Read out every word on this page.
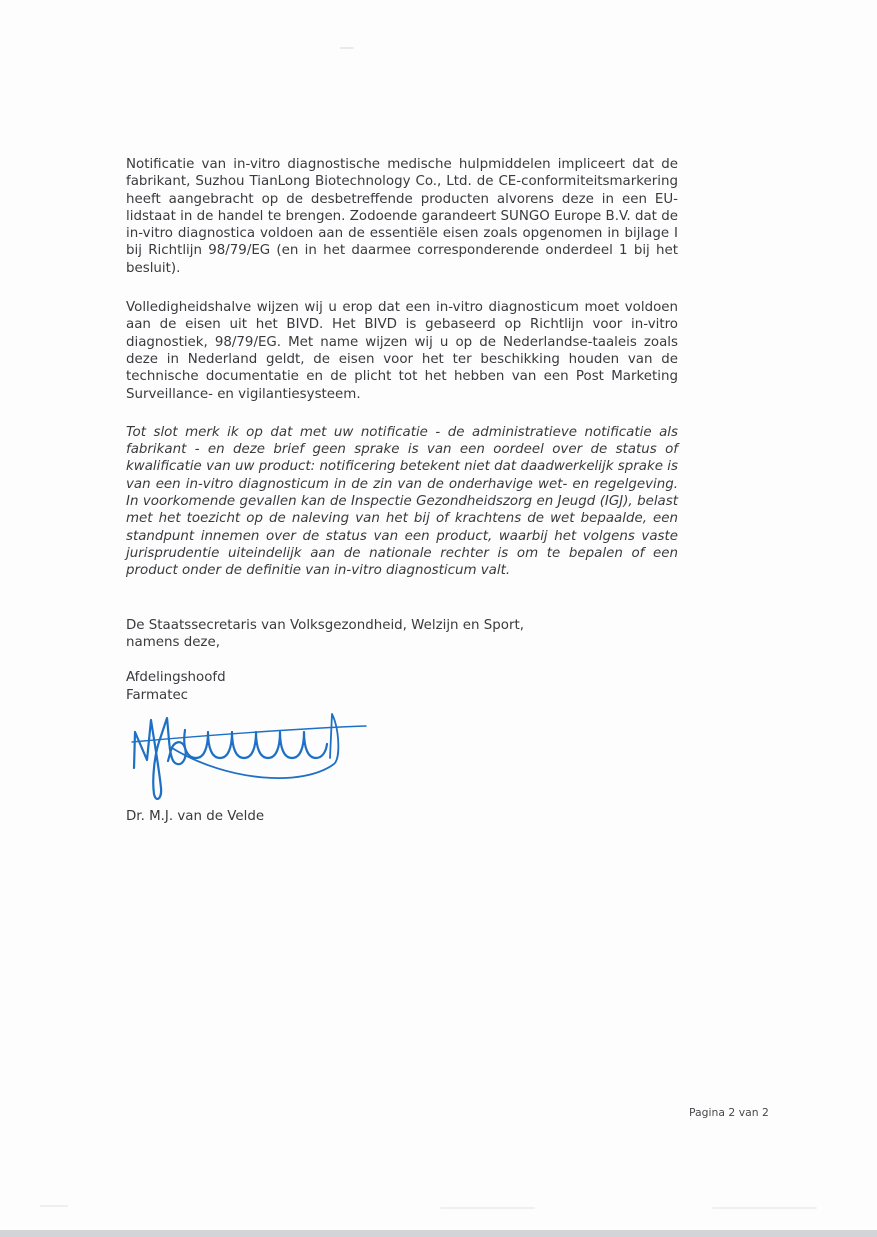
Notificatie van in-vitro diagnostische medische hulpmiddelen impliceert dat de fabrikant, Suzhou TianLong Biotechnology Co., Ltd. de CE-conformiteitsmarkering heeft aangebracht op de desbetreffende producten alvorens deze in een EU-lidstaat in de handel te brengen. Zodoende garandeert SUNGO Europe B.V. dat de in-vitro diagnostica voldoen aan de essentiële eisen zoals opgenomen in bijlage I bij Richtlijn 98/79/EG (en in het daarmee corresponderende onderdeel 1 bij het besluit).

Volledigheidshalve wijzen wij u erop dat een in-vitro diagnosticum moet voldoen aan de eisen uit het BIVD. Het BIVD is gebaseerd op Richtlijn voor in-vitro diagnostiek, 98/79/EG. Met name wijzen wij u op de Nederlandse-taaleis zoals deze in Nederland geldt, de eisen voor het ter beschikking houden van de technische documentatie en de plicht tot het hebben van een Post Marketing Surveillance- en vigilantiesysteem.

Tot slot merk ik op dat met uw notificatie - de administratieve notificatie als fabrikant - en deze brief geen sprake is van een oordeel over de status of kwalificatie van uw product: notificering betekent niet dat daadwerkelijk sprake is van een in-vitro diagnosticum in de zin van de onderhavige wet- en regelgeving. In voorkomende gevallen kan de Inspectie Gezondheidszorg en Jeugd (IGJ), belast met het toezicht op de naleving van het bij of krachtens de wet bepaalde, een standpunt innemen over de status van een product, waarbij het volgens vaste jurisprudentie uiteindelijk aan de nationale rechter is om te bepalen of een product onder de definitie van in-vitro diagnosticum valt.

De Staatssecretaris van Volksgezondheid, Welzijn en Sport,
namens deze,
Afdelingshoofd
Farmatec
Dr. M.J. van de Velde
Pagina 2 van 2
